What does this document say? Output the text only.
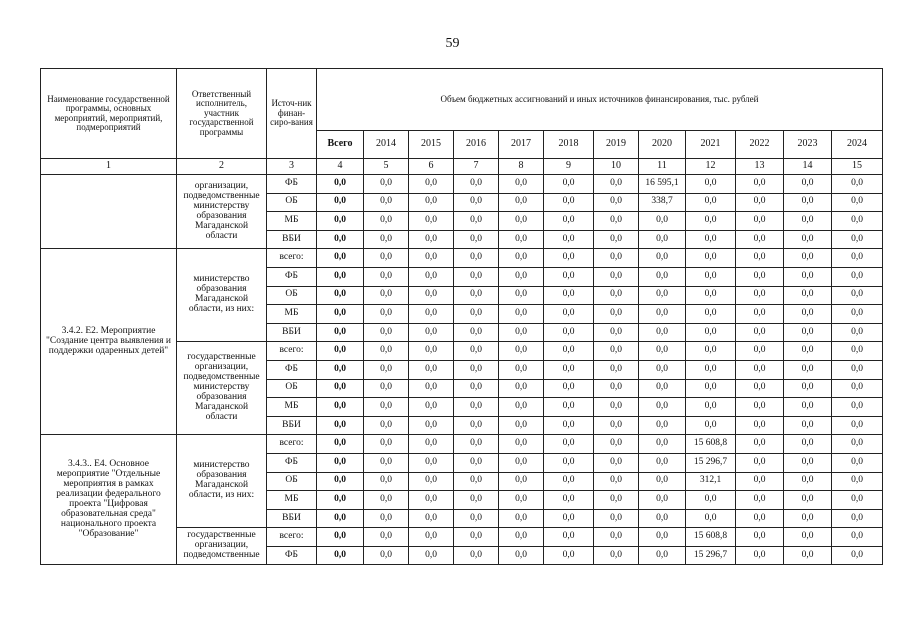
59
Наименование государственной программы, основных мероприятий, мероприятий, подмероприятий	Ответственный исполнитель, участник государственной программы	Источ-ник финан-сиро-вания	Объем бюджетных ассигнований и иных источников финансирования, тыс. рублей											
			Всего	2014	2015	2016	2017	2018	2019	2020	2021	2022	2023	2024
1	2	3	4	5	6	7	8	9	10	11	12	13	14	15
	организации, подведомственные министерству образования Магаданской области	ФБ	0,0	0,0	0,0	0,0	0,0	0,0	0,0	16 595,1	0,0	0,0	0,0	0,0
		ОБ	0,0	0,0	0,0	0,0	0,0	0,0	0,0	338,7	0,0	0,0	0,0	0,0
		МБ	0,0	0,0	0,0	0,0	0,0	0,0	0,0	0,0	0,0	0,0	0,0	0,0
		ВБИ	0,0	0,0	0,0	0,0	0,0	0,0	0,0	0,0	0,0	0,0	0,0	0,0
3.4.2. Е2. Мероприятие "Создание центра выявления и поддержки одаренных детей"	министерство образования Магаданской области, из них:	всего:	0,0	0,0	0,0	0,0	0,0	0,0	0,0	0,0	0,0	0,0	0,0	0,0
		ФБ	0,0	0,0	0,0	0,0	0,0	0,0	0,0	0,0	0,0	0,0	0,0	0,0
		ОБ	0,0	0,0	0,0	0,0	0,0	0,0	0,0	0,0	0,0	0,0	0,0	0,0
		МБ	0,0	0,0	0,0	0,0	0,0	0,0	0,0	0,0	0,0	0,0	0,0	0,0
		ВБИ	0,0	0,0	0,0	0,0	0,0	0,0	0,0	0,0	0,0	0,0	0,0	0,0
	государственные организации, подведомственные министерству образования Магаданской области	всего:	0,0	0,0	0,0	0,0	0,0	0,0	0,0	0,0	0,0	0,0	0,0	0,0
		ФБ	0,0	0,0	0,0	0,0	0,0	0,0	0,0	0,0	0,0	0,0	0,0	0,0
		ОБ	0,0	0,0	0,0	0,0	0,0	0,0	0,0	0,0	0,0	0,0	0,0	0,0
		МБ	0,0	0,0	0,0	0,0	0,0	0,0	0,0	0,0	0,0	0,0	0,0	0,0
		ВБИ	0,0	0,0	0,0	0,0	0,0	0,0	0,0	0,0	0,0	0,0	0,0	0,0
3.4.3.. Е4. Основное мероприятие "Отдельные мероприятия в рамках реализации федерального проекта "Цифровая образовательная среда" национального проекта "Образование"	министерство образования Магаданской области, из них:	всего:	0,0	0,0	0,0	0,0	0,0	0,0	0,0	0,0	15 608,8	0,0	0,0	0,0
		ФБ	0,0	0,0	0,0	0,0	0,0	0,0	0,0	0,0	15 296,7	0,0	0,0	0,0
		ОБ	0,0	0,0	0,0	0,0	0,0	0,0	0,0	0,0	312,1	0,0	0,0	0,0
		МБ	0,0	0,0	0,0	0,0	0,0	0,0	0,0	0,0	0,0	0,0	0,0	0,0
		ВБИ	0,0	0,0	0,0	0,0	0,0	0,0	0,0	0,0	0,0	0,0	0,0	0,0
	государственные организации, подведомственные	всего:	0,0	0,0	0,0	0,0	0,0	0,0	0,0	0,0	15 608,8	0,0	0,0	0,0
		ФБ	0,0	0,0	0,0	0,0	0,0	0,0	0,0	0,0	15 296,7	0,0	0,0	0,0
